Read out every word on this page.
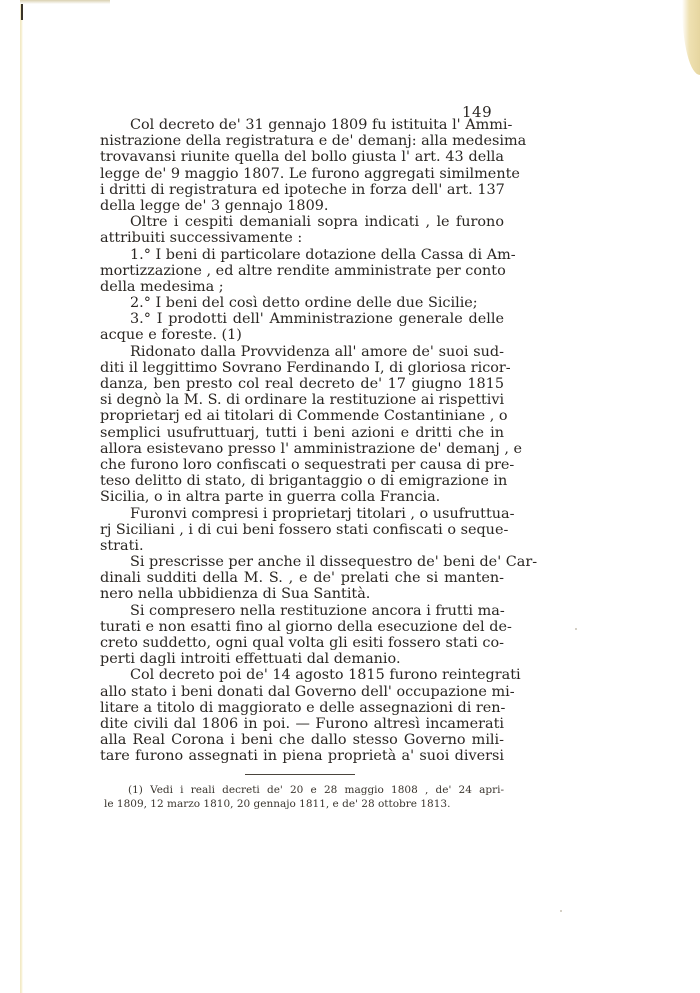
149
Col decreto de' 31 gennajo 1809 fu istituita l' Ammi-
nistrazione della registratura e de' demanj: alla medesima
trovavansi riunite quella del bollo giusta l' art. 43 della
legge de' 9 maggio 1807. Le furono aggregati similmente
i dritti di registratura ed ipoteche in forza dell' art. 137
della legge de' 3 gennajo 1809.
Oltre i cespiti demaniali sopra indicati , le furono
attribuiti successivamente :
1.° I beni di particolare dotazione della Cassa di Am-
mortizzazione , ed altre rendite amministrate per conto
della medesima ;
2.° I beni del così detto ordine delle due Sicilie;
3.° I prodotti dell' Amministrazione generale delle
acque e foreste. (1)
Ridonato dalla Provvidenza all' amore de' suoi sud-
diti il leggittimo Sovrano Ferdinando I, di gloriosa ricor-
danza, ben presto col real decreto de' 17 giugno 1815
si degnò la M. S. di ordinare la restituzione ai rispettivi
proprietarj ed ai titolari di Commende Costantiniane , o
semplici usufruttuarj, tutti i beni azioni e dritti che in
allora esistevano presso l' amministrazione de' demanj , e
che furono loro confiscati o sequestrati per causa di pre-
teso delitto di stato, di brigantaggio o di emigrazione in
Sicilia, o in altra parte in guerra colla Francia.
Furonvi compresi i proprietarj titolari , o usufruttua-
rj Siciliani , i di cui beni fossero stati confiscati o seque-
strati.
Si prescrisse per anche il dissequestro de' beni de' Car-
dinali sudditi della M. S. , e de' prelati che si manten-
nero nella ubbidienza di Sua Santità.
Si compresero nella restituzione ancora i frutti ma-
turati e non esatti fino al giorno della esecuzione del de-
creto suddetto, ogni qual volta gli esiti fossero stati co-
perti dagli introiti effettuati dal demanio.
Col decreto poi de' 14 agosto 1815 furono reintegrati
allo stato i beni donati dal Governo dell' occupazione mi-
litare a titolo di maggiorato e delle assegnazioni di ren-
dite civili dal 1806 in poi. — Furono altresì incamerati
alla Real Corona i beni che dallo stesso Governo mili-
tare furono assegnati in piena proprietà a' suoi diversi
(1) Vedi i reali decreti de' 20 e 28 maggio 1808 , de' 24 apri-
le 1809, 12 marzo 1810, 20 gennajo 1811, e de' 28 ottobre 1813.
